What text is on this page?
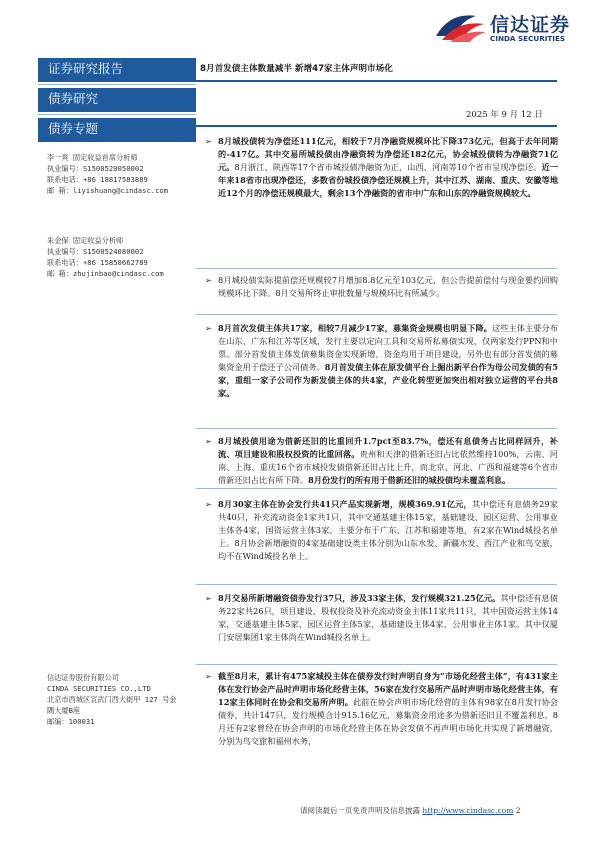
信达证券
CINDA SECURITIES
证券研究报告
债券研究
债券专题
李一爽 固定收益首席分析师
执业编号：S1500520050002
联系电话：+86 18817583889
邮 箱：liyishuang@cindasc.com
朱金保 固定收益分析师
执业编号：S1500524080002
联系电话：+86 15850662789
邮 箱：zhujinbao@cindasc.com
信达证券股份有限公司
CINDA SECURITIES CO.,LTD
北京市西城区宣武门西大街甲 127 号金
隅大厦B座
邮编：100031
8月首发债主体数量减半 新增47家主体声明市场化
2025 年 9 月 12 日
➢ 8月城投债转为净偿还111亿元，相较于7月净融资规模环比下降373亿元，但高于去年同期的-417亿。其中交易所城投债由净融资转为净偿还182亿元，协会城投债转为净融资71亿元。8月浙江、陕西等17个省市城投债净融资为正，山西、河南等10个省市呈现净偿还。近一年来18省市出现净偿还，多数省份城投债净偿还规模上升，其中江苏、湖南、重庆、安徽等地近12个月的净偿还规模最大，剩余13个净融资的省市中广东和山东的净融资规模较大。
➢ 8月城投债实际提前偿还规模较7月增加8.8亿元至103亿元，但公告提前偿付与现金要约回购规模环比下降。8月交易所终止审批数量与规模环比有所减少。
➢ 8月首次发债主体共17家，相较7月减少17家，募集资金规模也明显下降。这些主体主要分布在山东、广东和江苏等区域，发行主要以定向工具和交易所私募债实现，仅两家发行PPN和中票。部分首发债主体发债募集资金实现新增，资金均用于项目建设，另外也有部分首发债的募集资金用于偿还子公司债务。8月首发债主体在原发债平台上掘出新平台作为母公司发债的有5家，重组一家子公司作为新发债主体的共4家，产业化转型更加突出相对独立运营的平台共8家。
➢ 8月城投债用途为借新还旧的比重回升1.7pct至83.7%，偿还有息债务占比同样回升，补流、项目建设和股权投资的比重回落。贵州和天津的借新还旧占比依然维持100%，云南、河南、上海、重庆16个省市城投发债借新还旧占比上升，而北京、河北、广西和福建等6个省市借新还旧占比有所下降。8月份发行的所有用于借新还旧的城投债均未覆盖利息。
➢ 8月30家主体在协会发行共41只产品实现新增，规模369.91亿元，其中偿还有息债务29家共40只，补充流动资金1家共1只，其中交通基建主体15家，基础建设、园区运营、公用事业主体各4家，国资运营主体3家，主要分布于广东、江苏和福建等地，有2家在Wind城投名单上。8月协会新增融资的4家基础建设类主体分别为山东水发、新疆水发、西江产业和鸟交旅，均不在Wind城投名单上。
➢ 8月交易所新增融资债券发行37只，涉及33家主体，发行规模321.25亿元。其中偿还有息债务22家共26只，项目建设、股权投资及补充流动资金主体11家共11只，其中国资运营主体14家，交通基建主体5家，园区运营主体5家，基础建设主体4家，公用事业主体1家。其中仅厦门安居集团1家主体尚在Wind城投名单上。
➢ 截至8月末，累计有475家城投主体在债券发行时声明自身为“市场化经营主体”，有431家主体在发行协会产品时声明市场化经营主体，56家在发行交易所产品时声明市场化经营主体，有12家主体同时在协会和交易所声明。此前在协会声明市场化经营的主体有98家在8月发行协会债券，共计147只，发行规模合计915.16亿元，募集资金用途多为借新还旧且不覆盖利息。8月还有2家曾经在协会声明的市场化经营主体在协会发债不再声明市场化并实现了新增融资，分别为鸟交旅和福州水务，
请阅读最后一页免责声明及信息披露 http://www.cindasc.com 2
